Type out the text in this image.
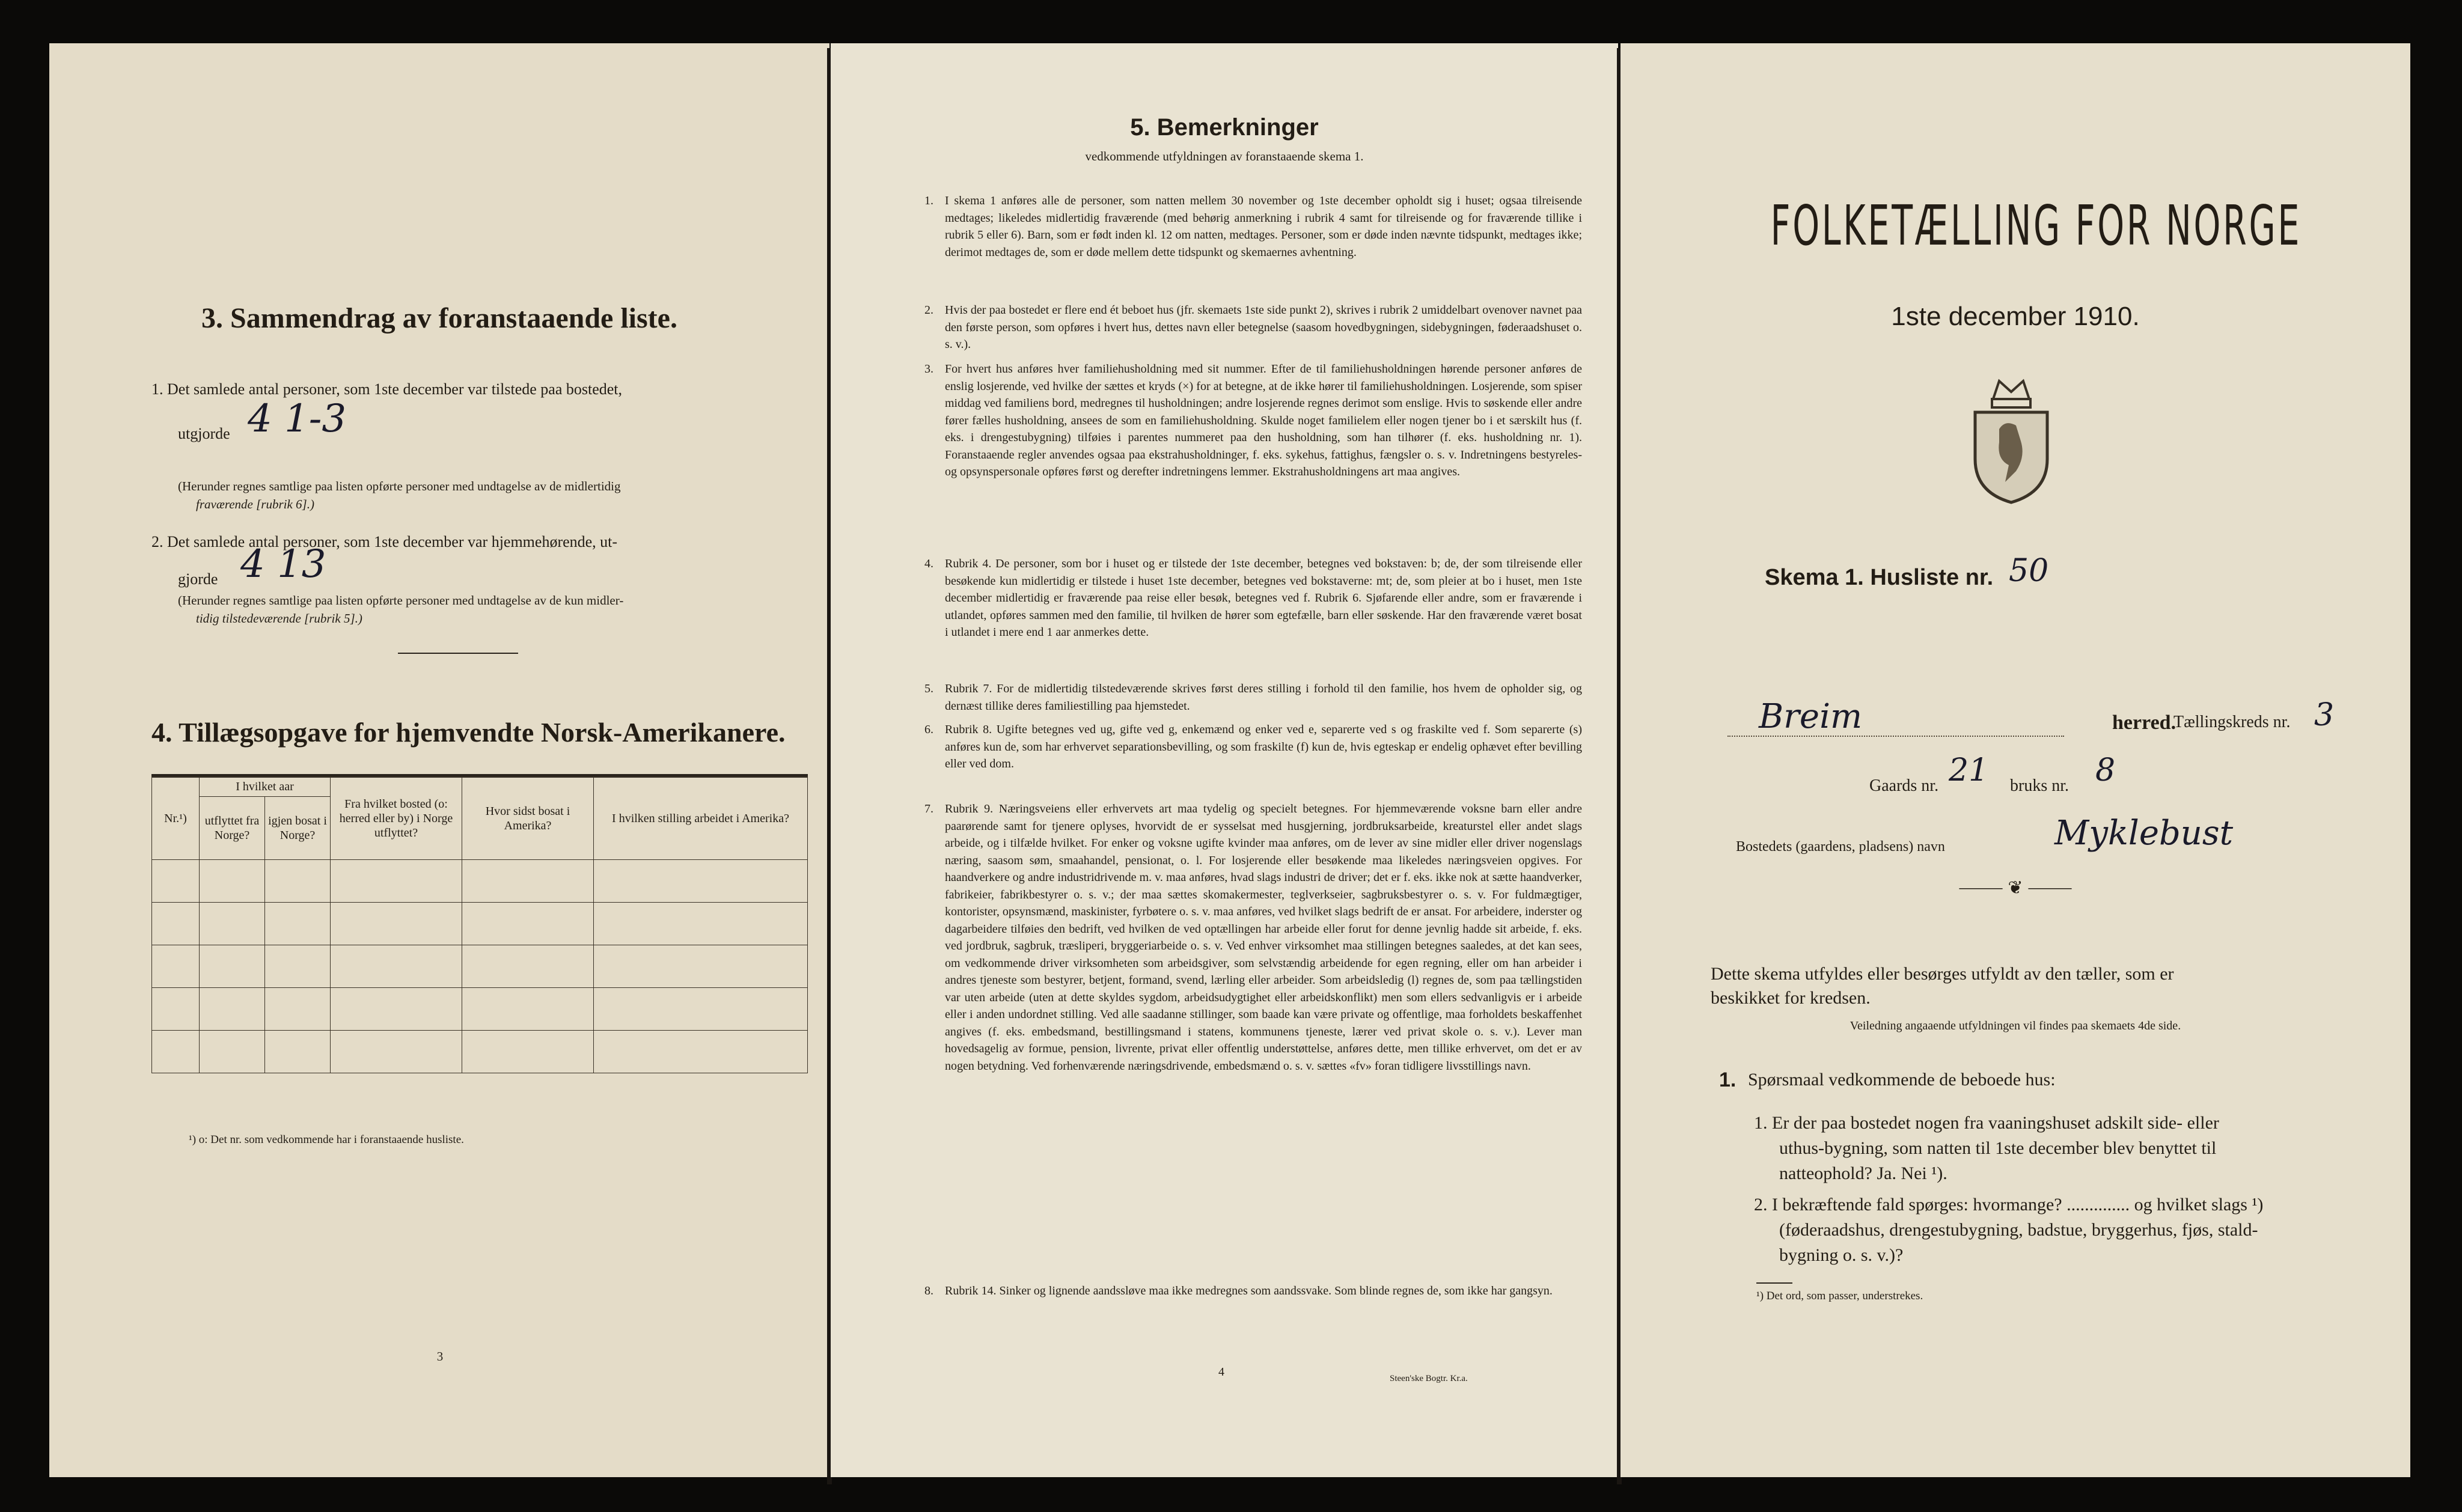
3. Sammendrag av foranstaaende liste.
1. Det samlede antal personer, som 1ste december var tilstede paa bostedet,
utgjorde 4 1-3
(Herunder regnes samtlige paa listen opførte personer med undtagelse av de midlertidig
fraværende [rubrik 6].)
2. Det samlede antal personer, som 1ste december var hjemmehørende, ut-
gjorde 4 13
(Herunder regnes samtlige paa listen opførte personer med undtagelse av de kun midler-
tidig tilstedeværende [rubrik 5].)
4. Tillægsopgave for hjemvendte Norsk-Amerikanere.
Nr.¹)	I hvilket aar		Fra hvilket bosted (o: herred eller by) i Norge utflyttet?	Hvor sidst bosat i Amerika?	I hvilken stilling arbeidet i Amerika?
	utflyttet fra Norge?	igjen bosat i Norge?			

¹) o: Det nr. som vedkommende har i foranstaaende husliste.
3
5. Bemerkninger
vedkommende utfyldningen av foranstaaende skema 1.
1. I skema 1 anføres alle de personer, som natten mellem 30 november og 1ste december opholdt sig i huset; ogsaa tilreisende medtages; likeledes midlertidig fraværende (med behørig anmerkning i rubrik 4 samt for tilreisende og for fraværende tillike i rubrik 5 eller 6). Barn, som er født inden kl. 12 om natten, medtages. Personer, som er døde inden nævnte tidspunkt, medtages ikke; derimot medtages de, som er døde mellem dette tidspunkt og skemaernes avhentning.
2. Hvis der paa bostedet er flere end ét beboet hus (jfr. skemaets 1ste side punkt 2), skrives i rubrik 2 umiddelbart ovenover navnet paa den første person, som opføres i hvert hus, dettes navn eller betegnelse (saasom hovedbygningen, sidebygningen, føderaadshuset o. s. v.).
3. For hvert hus anføres hver familiehusholdning med sit nummer. Efter de til familiehusholdningen hørende personer anføres de enslig losjerende, ved hvilke der sættes et kryds (×) for at betegne, at de ikke hører til familiehusholdningen. Losjerende, som spiser middag ved familiens bord, medregnes til husholdningen; andre losjerende regnes derimot som enslige. Hvis to søskende eller andre fører fælles husholdning, ansees de som en familiehusholdning. Skulde noget familielem eller nogen tjener bo i et særskilt hus (f. eks. i drengestubygning) tilføies i parentes nummeret paa den husholdning, som han tilhører (f. eks. husholdning nr. 1). Foranstaaende regler anvendes ogsaa paa ekstrahusholdninger, f. eks. sykehus, fattighus, fængsler o. s. v. Indretningens bestyreles- og opsynspersonale opføres først og derefter indretningens lemmer. Ekstrahusholdningens art maa angives.
4. Rubrik 4. De personer, som bor i huset og er tilstede der 1ste december, betegnes ved bokstaven: b; de, der som tilreisende eller besøkende kun midlertidig er tilstede i huset 1ste december, betegnes ved bokstaverne: mt; de, som pleier at bo i huset, men 1ste december midlertidig er fraværende paa reise eller besøk, betegnes ved f. Rubrik 6. Sjøfarende eller andre, som er fraværende i utlandet, opføres sammen med den familie, til hvilken de hører som egtefælle, barn eller søskende. Har den fraværende været bosat i utlandet i mere end 1 aar anmerkes dette.
5. Rubrik 7. For de midlertidig tilstedeværende skrives først deres stilling i forhold til den familie, hos hvem de opholder sig, og dernæst tillike deres familiestilling paa hjemstedet.
6. Rubrik 8. Ugifte betegnes ved ug, gifte ved g, enkemænd og enker ved e, separerte ved s og fraskilte ved f. Som separerte (s) anføres kun de, som har erhvervet separationsbevilling, og som fraskilte (f) kun de, hvis egteskap er endelig ophævet efter bevilling eller ved dom.
7. Rubrik 9. Næringsveiens eller erhvervets art maa tydelig og specielt betegnes. For hjemmeværende voksne barn eller andre paarørende samt for tjenere oplyses, hvorvidt de er sysselsat med husgjerning, jordbruksarbeide, kreaturstel eller andet slags arbeide, og i tilfælde hvilket. For enker og voksne ugifte kvinder maa anføres, om de lever av sine midler eller driver nogenslags næring, saasom søm, smaahandel, pensionat, o. l. For losjerende eller besøkende maa likeledes næringsveien opgives. For haandverkere og andre industridrivende m. v. maa anføres, hvad slags industri de driver; det er f. eks. ikke nok at sætte haandverker, fabrikeier, fabrikbestyrer o. s. v.; der maa sættes skomakermester, teglverkseier, sagbruksbestyrer o. s. v. For fuldmægtiger, kontorister, opsynsmænd, maskinister, fyrbøtere o. s. v. maa anføres, ved hvilket slags bedrift de er ansat. For arbeidere, inderster og dagarbeidere tilføies den bedrift, ved hvilken de ved optællingen har arbeide eller forut for denne jevnlig hadde sit arbeide, f. eks. ved jordbruk, sagbruk, træsliperi, bryggeriarbeide o. s. v. Ved enhver virksomhet maa stillingen betegnes saaledes, at det kan sees, om vedkommende driver virksomheten som arbeidsgiver, som selvstændig arbeidende for egen regning, eller om han arbeider i andres tjeneste som bestyrer, betjent, formand, svend, lærling eller arbeider. Som arbeidsledig (l) regnes de, som paa tællingstiden var uten arbeide (uten at dette skyldes sygdom, arbeidsudygtighet eller arbeidskonflikt) men som ellers sedvanligvis er i arbeide eller i anden undordnet stilling. Ved alle saadanne stillinger, som baade kan være private og offentlige, maa forholdets beskaffenhet angives (f. eks. embedsmand, bestillingsmand i statens, kommunens tjeneste, lærer ved privat skole o. s. v.). Lever man hovedsagelig av formue, pension, livrente, privat eller offentlig understøttelse, anføres dette, men tillike erhvervet, om det er av nogen betydning. Ved forhenværende næringsdrivende, embedsmænd o. s. v. sættes «fv» foran tidligere livsstillings navn.
8. Rubrik 14. Sinker og lignende aandssløve maa ikke medregnes som aandssvake. Som blinde regnes de, som ikke har gangsyn.
4	Steen'ske Bogtr. Kr.a.
FOLKETÆLLING FOR NORGE
1ste december 1910.
Skema 1. Husliste nr. 50
Breim	herred.
Tællingskreds nr. 3
Gaards nr. 21 bruks nr. 8
Bostedets (gaardens, pladsens) navn	Myklebust
⸻ ❦ ⸻
Dette skema utfyldes eller besørges utfyldt av den tæller, som er
beskikket for kredsen.
Veiledning angaaende utfyldningen vil findes paa skemaets 4de side.
1. Spørsmaal vedkommende de beboede hus:
1. Er der paa bostedet nogen fra vaaningshuset adskilt side- eller
uthus-bygning, som natten til 1ste december blev benyttet til
natteophold? Ja. Nei ¹).
2. I bekræftende fald spørges: hvormange? .............. og hvilket slags ¹)
(føderaadshus, drengestubygning, badstue, bryggerhus, fjøs, stald-
bygning o. s. v.)?
¹) Det ord, som passer, understrekes.
